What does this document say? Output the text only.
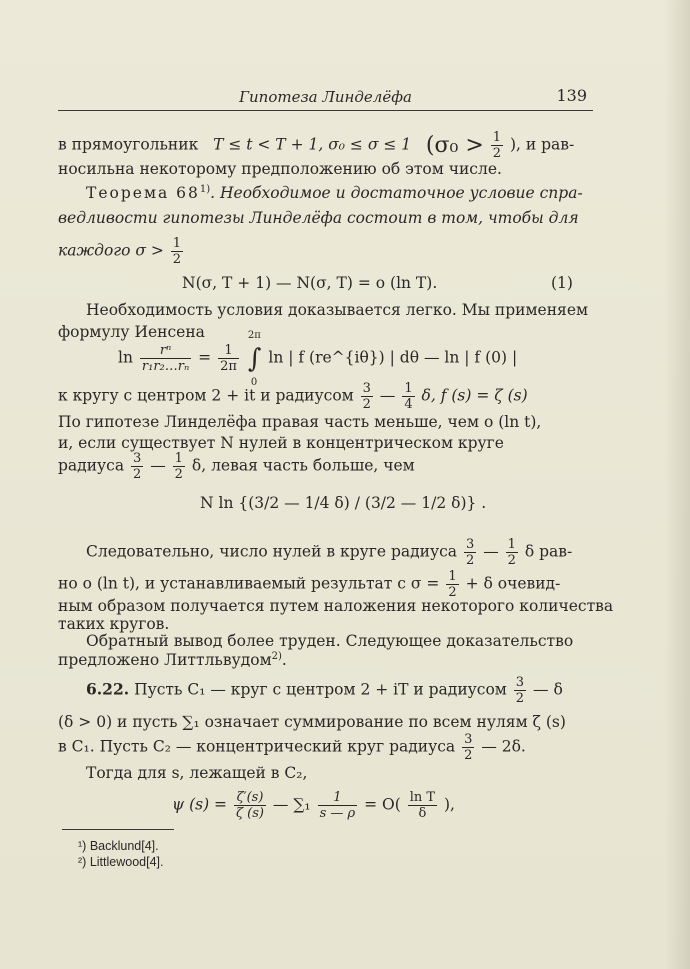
Гипотеза Линделёфа	139
в прямоугольник T ≤ t < T + 1, σ₀ ≤ σ ≤ 1 ($\sigma_0 > \frac{1}{2}$ ), и рав-
носильна некоторому предположению об этом числе.
Теорема 68$^{1)}$. Необходимое и достаточное условие спра-
ведливости гипотезы Линделёфа состоит в том, чтобы для
каждого $\sigma > \frac{1}{2}$
N(σ, T + 1) — N(σ, T) = o (ln T).	(1)
Необходимость условия доказывается легко. Мы применяем
формулу Иенсена
$\ln \frac{\text{rⁿ}}{\text{r₁r₂…rₙ}} = \frac{1}{2\pi}$ ∫
2π
0
ln | f (re^{iθ}) | dθ — ln | f (0) |
к кругу с центром 2 + it и радиусом $\frac{3}{2}$ — $\frac{1}{4} \delta$, f (s) = ζ (s)
По гипотезе Линделёфа правая часть меньше, чем o (ln t),
и, если существует N нулей в концентрическом круге
радиуса $\frac{3}{2}$ — $\frac{1}{2} \delta$, левая часть больше, чем
N ln {(3/2 — 1/4 δ) / (3/2 — 1/2 δ)} .
Следовательно, число нулей в круге радиуса $\frac{3}{2}$ — $\frac{1}{2}$ δ рав-
но o (ln t), и устанавливаемый результат с $\sigma = \frac{1}{2} + \delta$ очевид-
ным образом получается путем наложения некоторого количества
таких кругов.
Обратный вывод более труден. Следующее доказательство
предложено Литтльвудом$^{2)}$.
6.22. Пусть C₁ — круг с центром 2 + iT и радиусом $\frac{3}{2}$ — δ
(δ > 0) и пусть ∑₁ означает суммирование по всем нулям ζ (s)
в C₁. Пусть C₂ — концентрический круг радиуса $\frac{3}{2}$ — 2δ.
Тогда для s, лежащей в C₂,
ψ $(s) = \frac{\zeta'(s)}{\zeta (s)}$ — $\sum_1 \frac{1}{s — \rho} = O( \frac{\text{ln T}}{\delta}$ ),
¹) Backlund[4].
²) Littlewood[4].
